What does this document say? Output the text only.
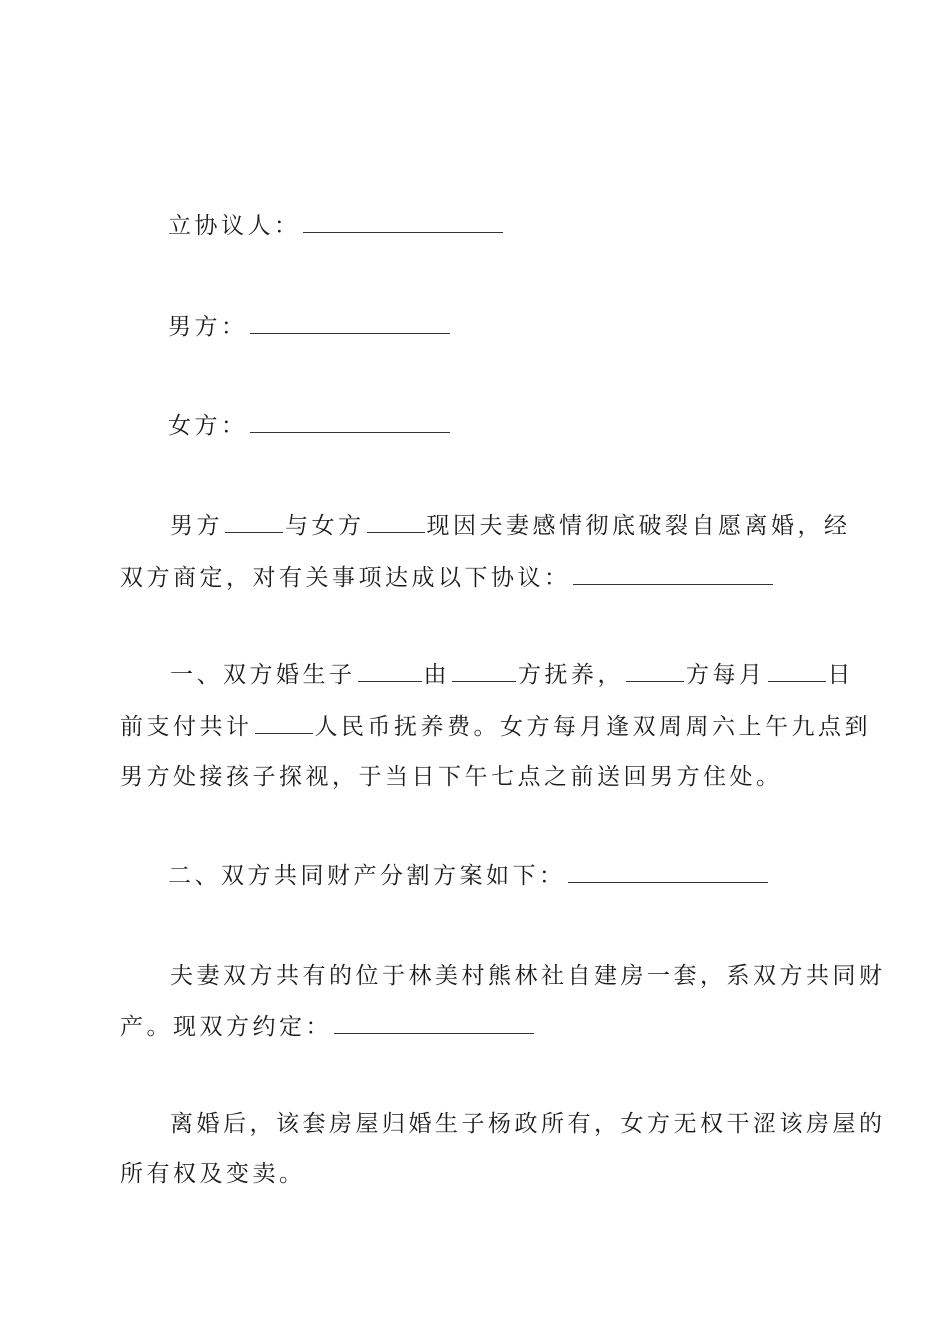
立协议人：
男方：
女方：
男方	与女方	现因夫妻感情彻底破裂自愿离婚，经
双方商定，对有关事项达成以下协议：
一、双方婚生子	由	方抚养，	方每月	日
前支付共计	人民币抚养费。女方每月逢双周周六上午九点到
男方处接孩子探视，于当日下午七点之前送回男方住处。
二、双方共同财产分割方案如下：
夫妻双方共有的位于林美村熊林社自建房一套，系双方共同财
产。现双方约定：
离婚后，该套房屋归婚生子杨政所有，女方无权干涩该房屋的
所有权及变卖。
